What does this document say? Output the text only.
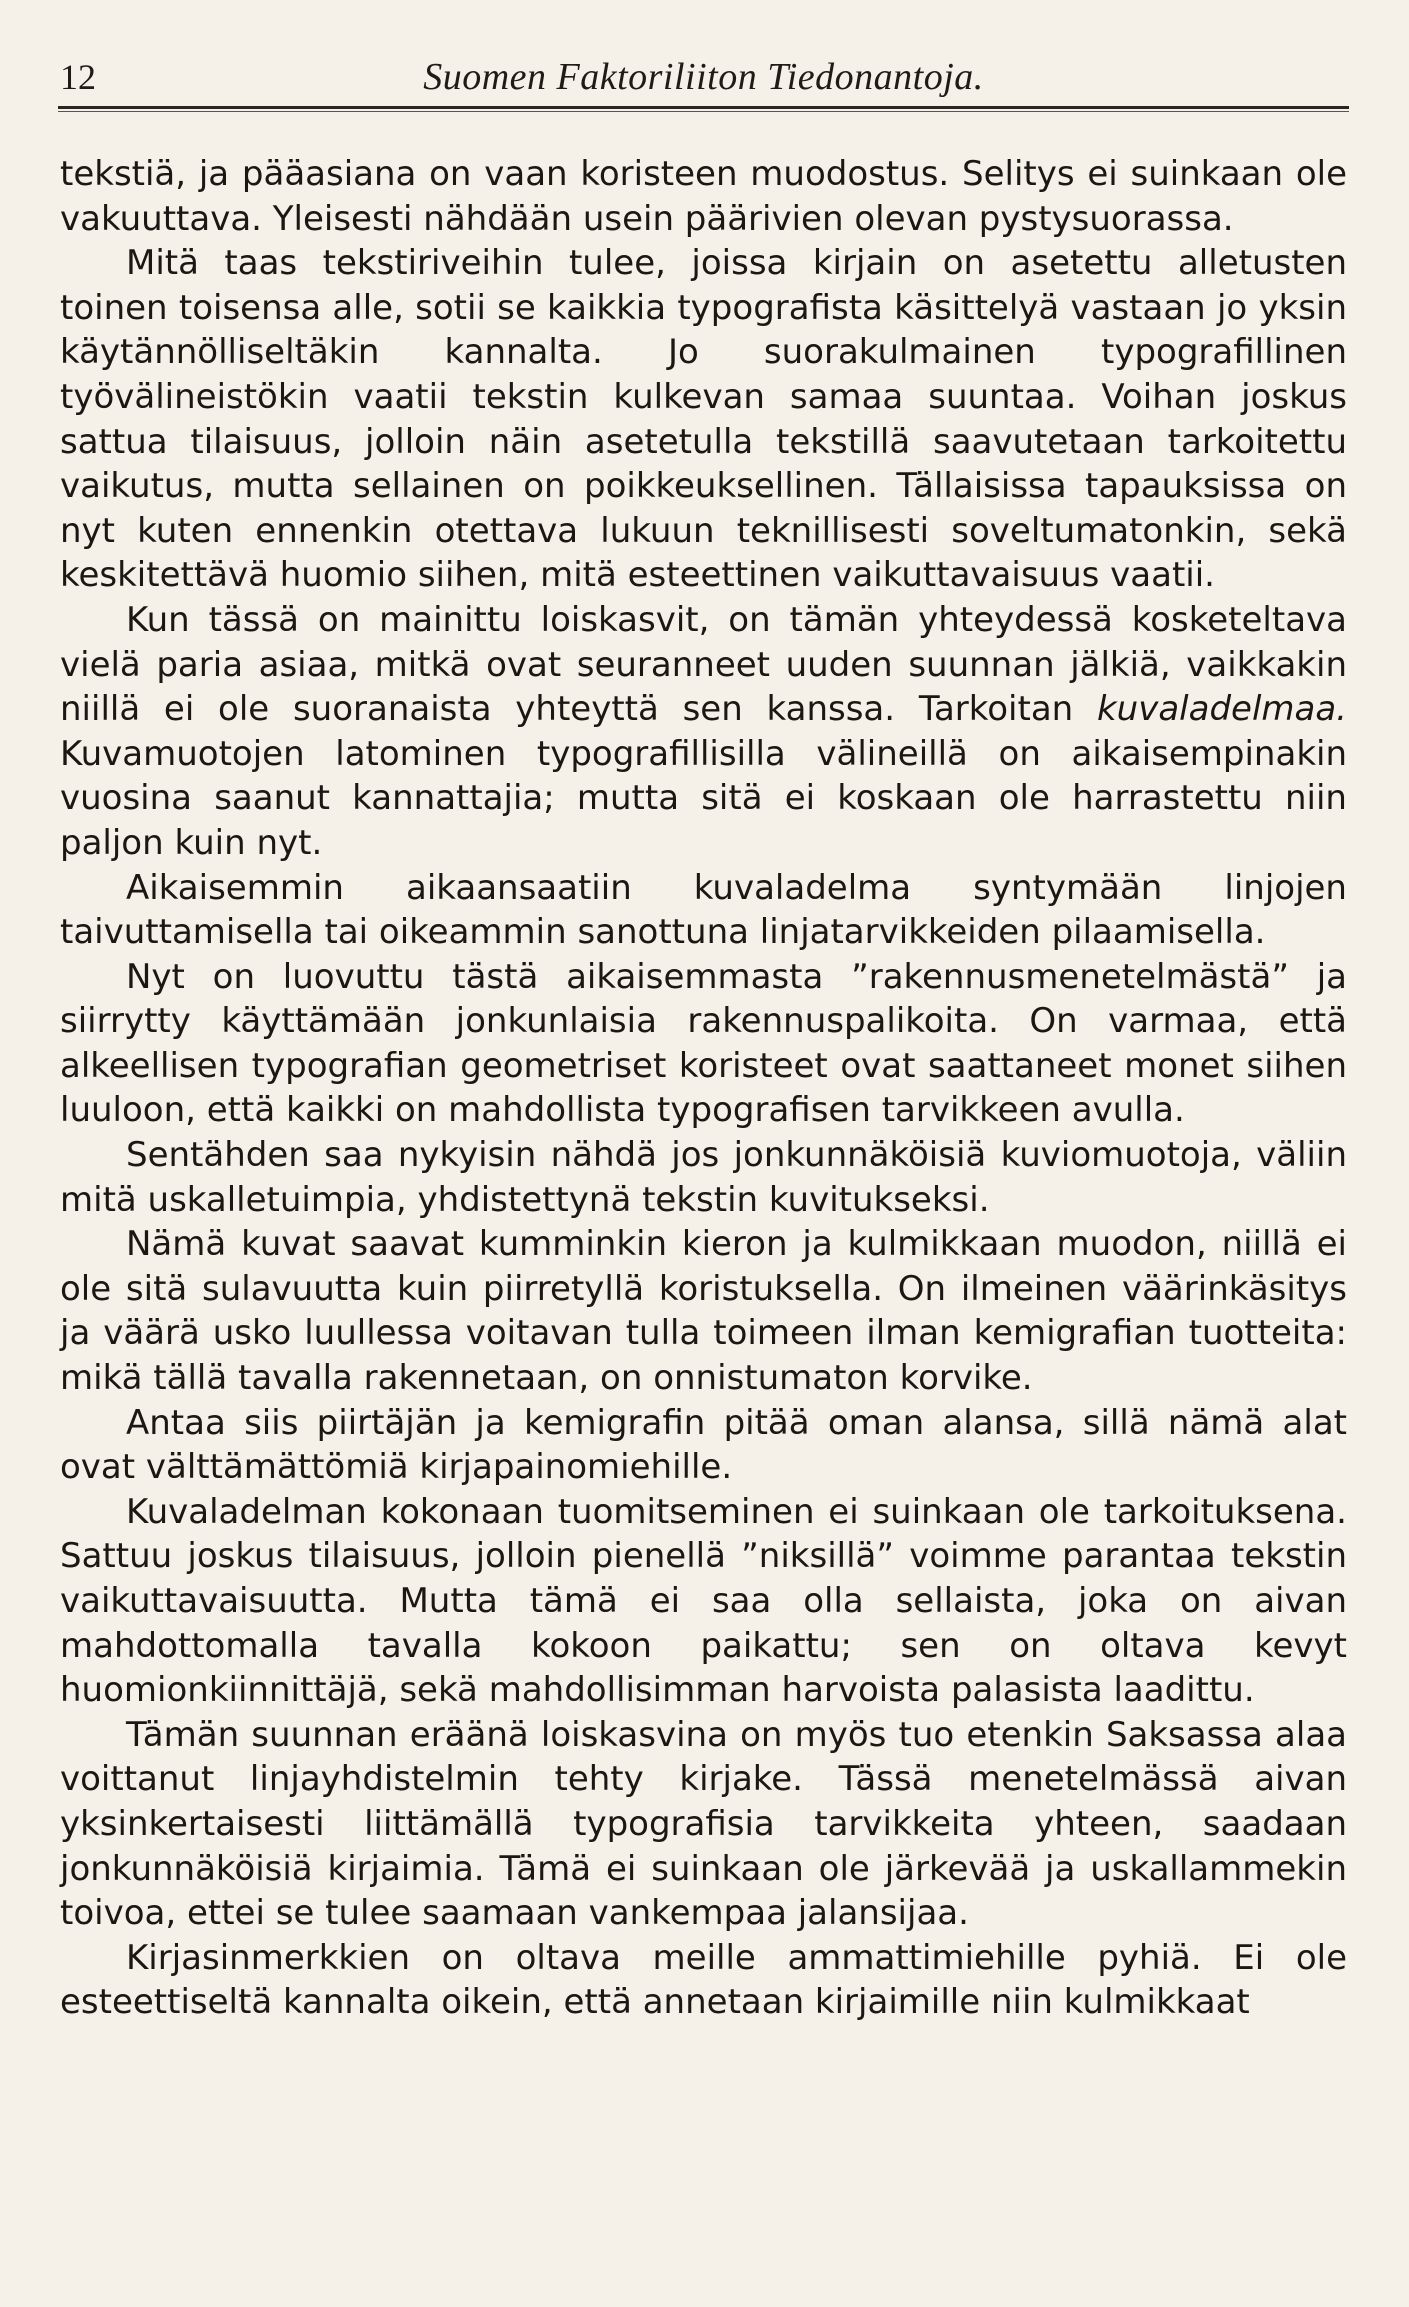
12	Suomen Faktoriliiton Tiedonantoja.

tekstiä, ja pääasiana on vaan koristeen muodostus. Selitys ei suinkaan ole vakuuttava. Yleisesti nähdään usein päärivien olevan pystysuorassa.

Mitä taas tekstiriveihin tulee, joissa kirjain on asetettu alletusten toinen toisensa alle, sotii se kaikkia typografista käsittelyä vastaan jo yksin käytännölliseltäkin kannalta. Jo suorakulmainen typografillinen työvälineistökin vaatii tekstin kulkevan samaa suuntaa. Voihan joskus sattua tilaisuus, jolloin näin asetetulla tekstillä saavutetaan tarkoitettu vaikutus, mutta sellainen on poikkeuksellinen. Tällaisissa tapauksissa on nyt kuten ennenkin otettava lukuun teknillisesti soveltumatonkin, sekä keskitettävä huomio siihen, mitä esteettinen vaikuttavaisuus vaatii.

Kun tässä on mainittu loiskasvit, on tämän yhteydessä kosketeltava vielä paria asiaa, mitkä ovat seuranneet uuden suunnan jälkiä, vaikkakin niillä ei ole suoranaista yhteyttä sen kanssa. Tarkoitan kuvaladelmaa. Kuvamuotojen latominen typografillisilla välineillä on aikaisempinakin vuosina saanut kannattajia; mutta sitä ei koskaan ole harrastettu niin paljon kuin nyt.

Aikaisemmin aikaansaatiin kuvaladelma syntymään linjojen taivuttamisella tai oikeammin sanottuna linjatarvikkeiden pilaamisella.

Nyt on luovuttu tästä aikaisemmasta ”rakennusmenetelmästä” ja siirrytty käyttämään jonkunlaisia rakennuspalikoita. On varmaa, että alkeellisen typografian geometriset koristeet ovat saattaneet monet siihen luuloon, että kaikki on mahdollista typografisen tarvikkeen avulla.

Sentähden saa nykyisin nähdä jos jonkunnäköisiä kuviomuotoja, väliin mitä uskalletuimpia, yhdistettynä tekstin kuvitukseksi.

Nämä kuvat saavat kumminkin kieron ja kulmikkaan muodon, niillä ei ole sitä sulavuutta kuin piirretyllä koristuksella. On ilmeinen väärinkäsitys ja väärä usko luullessa voitavan tulla toimeen ilman kemigrafian tuotteita: mikä tällä tavalla rakennetaan, on onnistumaton korvike.

Antaa siis piirtäjän ja kemigrafin pitää oman alansa, sillä nämä alat ovat välttämättömiä kirjapainomiehille.

Kuvaladelman kokonaan tuomitseminen ei suinkaan ole tarkoituksena. Sattuu joskus tilaisuus, jolloin pienellä ”niksillä” voimme parantaa tekstin vaikuttavaisuutta. Mutta tämä ei saa olla sellaista, joka on aivan mahdottomalla tavalla kokoon paikattu; sen on oltava kevyt huomionkiinnittäjä, sekä mahdollisimman harvoista palasista laadittu.

Tämän suunnan eräänä loiskasvina on myös tuo etenkin Saksassa alaa voittanut linjayhdistelmin tehty kirjake. Tässä menetelmässä aivan yksinkertaisesti liittämällä typografisia tarvikkeita yhteen, saadaan jonkunnäköisiä kirjaimia. Tämä ei suinkaan ole järkevää ja uskallammekin toivoa, ettei se tulee saamaan vankempaa jalansijaa.

Kirjasinmerkkien on oltava meille ammattimiehille pyhiä. Ei ole esteettiseltä kannalta oikein, että annetaan kirjaimille niin kulmikkaat
